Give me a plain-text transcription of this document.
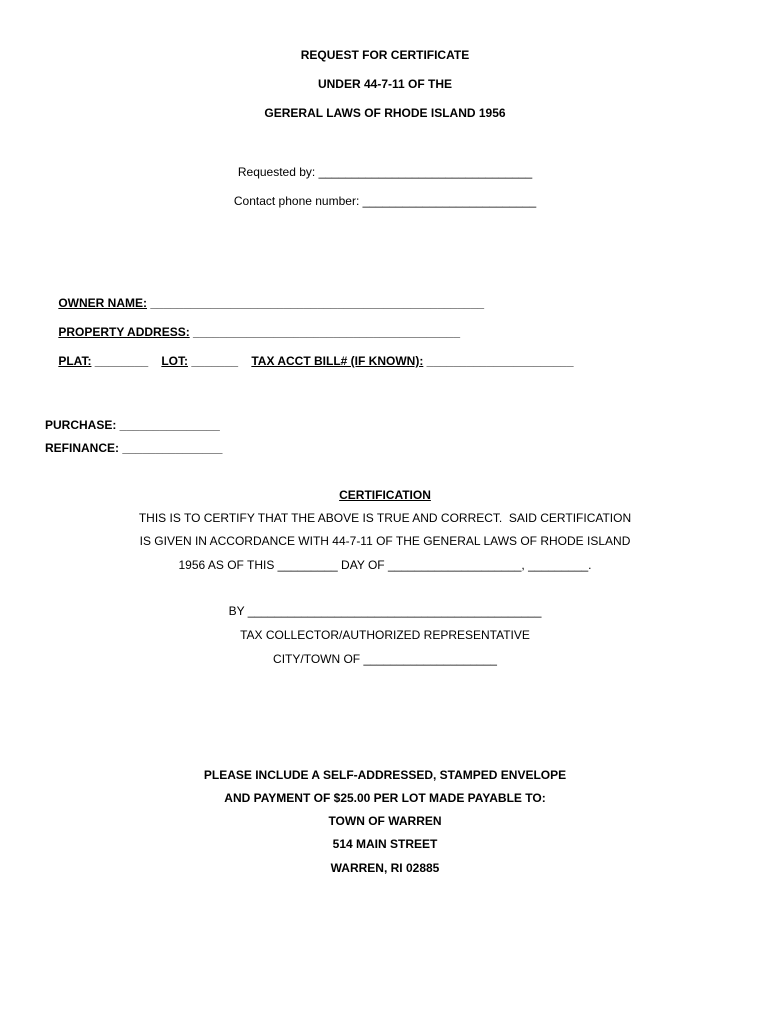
REQUEST FOR CERTIFICATE
UNDER 44-7-11 OF THE
GERERAL LAWS OF RHODE ISLAND 1956
Requested by: ________________________________
Contact phone number: __________________________

OWNER NAME: __________________________________________________

PROPERTY ADDRESS: ________________________________________

PLAT: ________
	LOT: _______
	TAX ACCT BILL# (IF KNOWN): ______________________

PURCHASE: _______________
REFINANCE: _______________
CERTIFICATION
THIS IS TO CERTIFY THAT THE ABOVE IS TRUE AND CORRECT.  SAID CERTIFICATION
IS GIVEN IN ACCORDANCE WITH 44-7-11 OF THE GENERAL LAWS OF RHODE ISLAND
1956 AS OF THIS _________ DAY OF ____________________, _________.
BY ____________________________________________
TAX COLLECTOR/AUTHORIZED REPRESENTATIVE
CITY/TOWN OF ____________________
PLEASE INCLUDE A SELF-ADDRESSED, STAMPED ENVELOPE
AND PAYMENT OF $25.00 PER LOT MADE PAYABLE TO:
TOWN OF WARREN
514 MAIN STREET
WARREN, RI 02885
